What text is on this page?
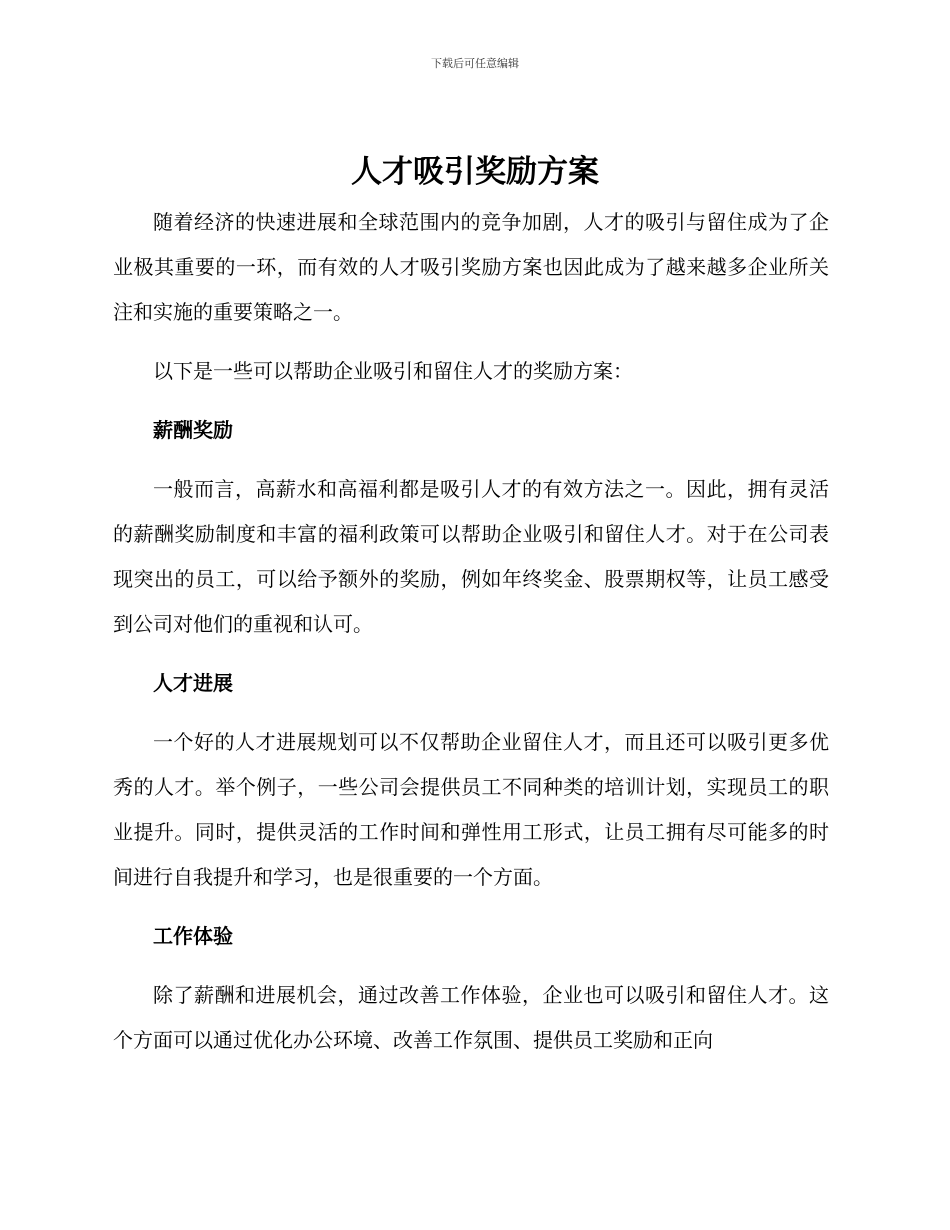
下载后可任意编辑
人才吸引奖励方案

随着经济的快速进展和全球范围内的竞争加剧，人才的吸引与留住成为了企业极其重要的一环，而有效的人才吸引奖励方案也因此成为了越来越多企业所关注和实施的重要策略之一。

以下是一些可以帮助企业吸引和留住人才的奖励方案：

薪酬奖励

一般而言，高薪水和高福利都是吸引人才的有效方法之一。因此，拥有灵活的薪酬奖励制度和丰富的福利政策可以帮助企业吸引和留住人才。对于在公司表现突出的员工，可以给予额外的奖励，例如年终奖金、股票期权等，让员工感受到公司对他们的重视和认可。

人才进展

一个好的人才进展规划可以不仅帮助企业留住人才，而且还可以吸引更多优秀的人才。举个例子，一些公司会提供员工不同种类的培训计划，实现员工的职业提升。同时，提供灵活的工作时间和弹性用工形式，让员工拥有尽可能多的时间进行自我提升和学习，也是很重要的一个方面。

工作体验

除了薪酬和进展机会，通过改善工作体验，企业也可以吸引和留住人才。这个方面可以通过优化办公环境、改善工作氛围、提供员工奖励和正向
